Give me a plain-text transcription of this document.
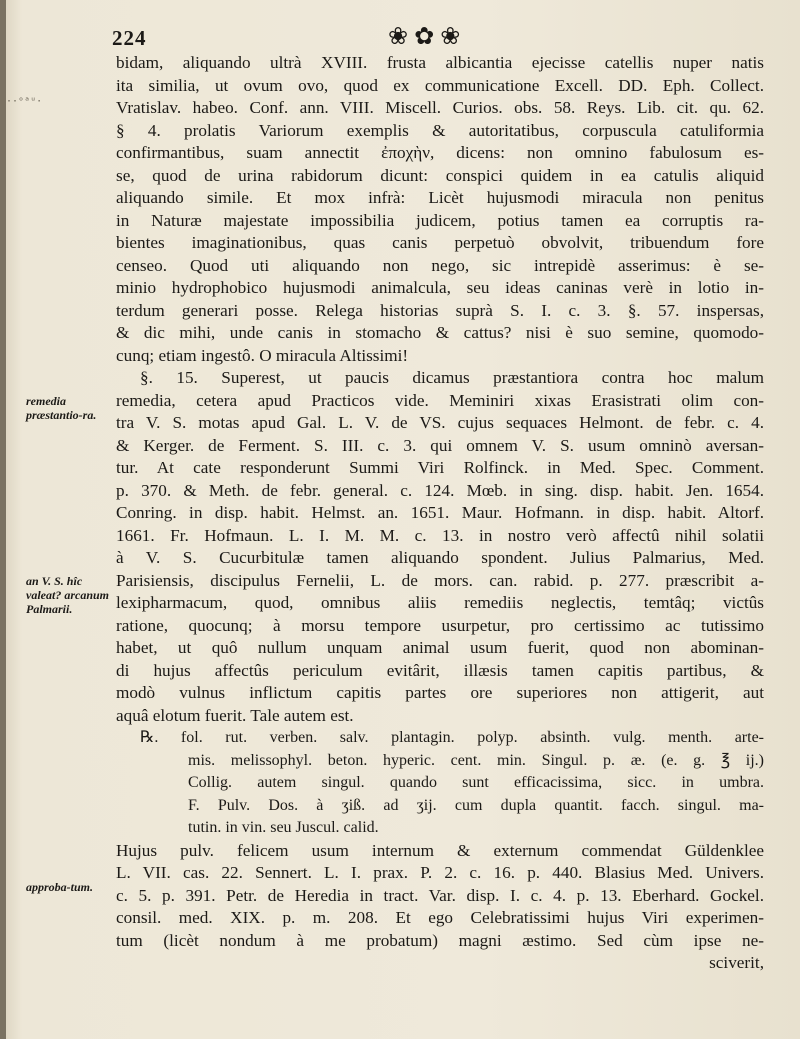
224	❀✿❀
··ᵒᵃᵘ·
remedia præstantio-ra.
an V. S. hîc valeat? arcanum Palmarii.
approba-tum.
bidam, aliquando ultrà XVIII. frusta albicantia ejecisse catellis nuper natis
ita similia, ut ovum ovo, quod ex communicatione Excell. DD. Eph. Collect.
Vratislav. habeo. Conf. ann. VIII. Miscell. Curios. obs. 58. Reys. Lib. cit. qu. 62.
§ 4. prolatis Variorum exemplis & autoritatibus, corpuscula catuliformia
confirmantibus, suam annectit ἐποχὴν, dicens: non omnino fabulosum es-
se, quod de urina rabidorum dicunt: conspici quidem in ea catulis aliquid
aliquando simile. Et mox infrà: Licèt hujusmodi miracula non penitus
in Naturæ majestate impossibilia judicem, potius tamen ea corruptis ra-
bientes imaginationibus, quas canis perpetuò obvolvit, tribuendum fore
censeo. Quod uti aliquando non nego, sic intrepidè asserimus: è se-
minio hydrophobico hujusmodi animalcula, seu ideas caninas verè in lotio in-
terdum generari posse. Relega historias suprà S. I. c. 3. §. 57. inspersas,
& dic mihi, unde canis in stomacho & cattus? nisi è suo semine, quomodo-
cunq; etiam ingestô. O miracula Altissimi!
§. 15. Superest, ut paucis dicamus præstantiora contra hoc malum
remedia, cetera apud Practicos vide. Meminiri xixas Erasistrati olim con-
tra V. S. motas apud Gal. L. V. de VS. cujus sequaces Helmont. de febr. c. 4.
& Kerger. de Ferment. S. III. c. 3. qui omnem V. S. usum omninò aversan-
tur. At cate responderunt Summi Viri Rolfinck. in Med. Spec. Comment.
p. 370. & Meth. de febr. general. c. 124. Mœb. in sing. disp. habit. Jen. 1654.
Conring. in disp. habit. Helmst. an. 1651. Maur. Hofmann. in disp. habit. Altorf.
1661. Fr. Hofmaun. L. I. M. M. c. 13. in nostro verò affectû nihil solatii
à V. S. Cucurbitulæ tamen aliquando spondent. Julius Palmarius, Med.
Parisiensis, discipulus Fernelii, L. de mors. can. rabid. p. 277. præscribit a-
lexipharmacum, quod, omnibus aliis remediis neglectis, temtâq; victûs
ratione, quocunq; à morsu tempore usurpetur, pro certissimo ac tutissimo
habet, ut quô nullum unquam animal usum fuerit, quod non abominan-
di hujus affectûs periculum evitârit, illæsis tamen capitis partibus, &
modò vulnus inflictum capitis partes ore superiores non attigerit, aut
aquâ elotum fuerit. Tale autem est.
℞. fol. rut. verben. salv. plantagin. polyp. absinth. vulg. menth. arte-
mis. melissophyl. beton. hyperic. cent. min. Singul. p. æ. (e. g. ℥ ij.)
Collig. autem singul. quando sunt efficacissima, sicc. in umbra.
F. Pulv. Dos. à ʒiß. ad ʒij. cum dupla quantit. facch. singul. ma-
tutin. in vin. seu Juscul. calid.
Hujus pulv. felicem usum internum & externum commendat Güldenklee
L. VII. cas. 22. Sennert. L. I. prax. P. 2. c. 16. p. 440. Blasius Med. Univers.
c. 5. p. 391. Petr. de Heredia in tract. Var. disp. I. c. 4. p. 13. Eberhard. Gockel.
consil. med. XIX. p. m. 208. Et ego Celebratissimi hujus Viri experimen-
tum (licèt nondum à me probatum) magni æstimo. Sed cùm ipse ne-
sciverit,
